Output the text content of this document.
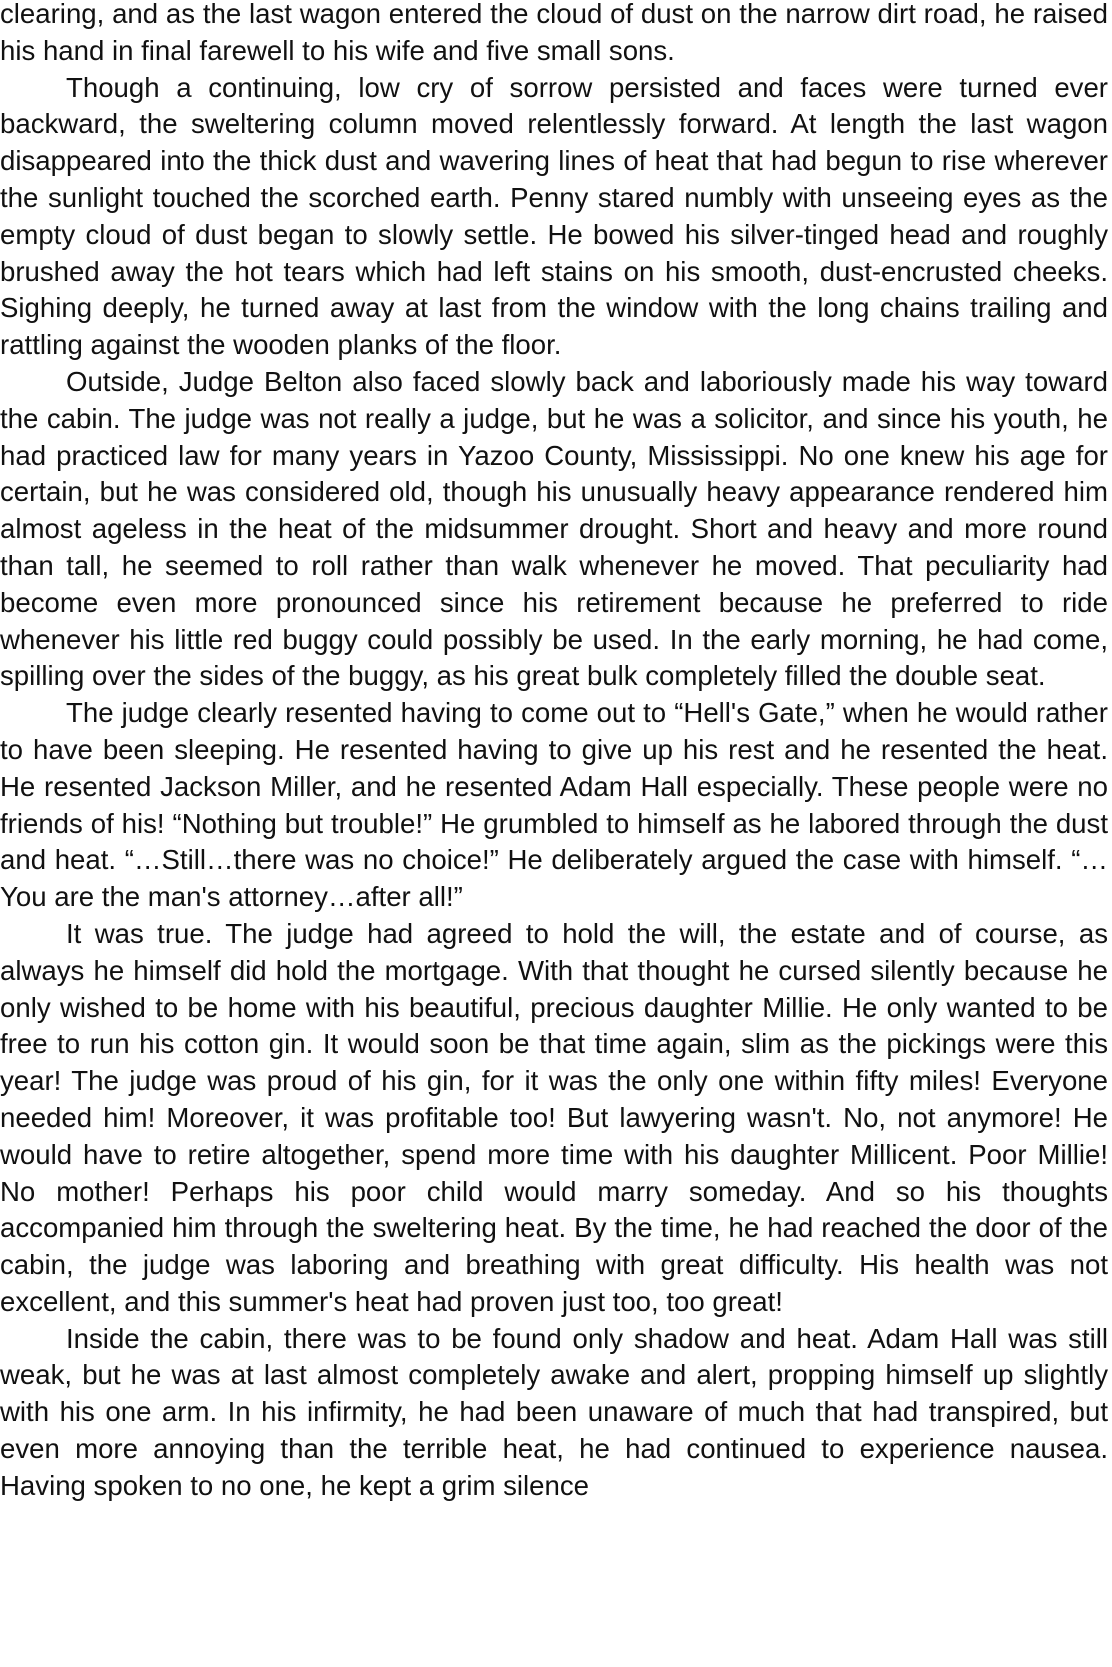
clearing, and as the last wagon entered the cloud of dust on the narrow dirt road, he raised his hand in final farewell to his wife and five small sons.

Though a continuing, low cry of sorrow persisted and faces were turned ever backward, the sweltering column moved relentlessly forward. At length the last wagon disappeared into the thick dust and wavering lines of heat that had begun to rise wherever the sunlight touched the scorched earth. Penny stared numbly with unseeing eyes as the empty cloud of dust began to slowly settle. He bowed his silver-tinged head and roughly brushed away the hot tears which had left stains on his smooth, dust-encrusted cheeks. Sighing deeply, he turned away at last from the window with the long chains trailing and rattling against the wooden planks of the floor.

Outside, Judge Belton also faced slowly back and laboriously made his way toward the cabin. The judge was not really a judge, but he was a solicitor, and since his youth, he had practiced law for many years in Yazoo County, Mississippi. No one knew his age for certain, but he was considered old, though his unusually heavy appearance rendered him almost ageless in the heat of the midsummer drought. Short and heavy and more round than tall, he seemed to roll rather than walk whenever he moved. That peculiarity had become even more pronounced since his retirement because he preferred to ride whenever his little red buggy could possibly be used. In the early morning, he had come, spilling over the sides of the buggy, as his great bulk completely filled the double seat.

The judge clearly resented having to come out to “Hell's Gate,” when he would rather to have been sleeping. He resented having to give up his rest and he resented the heat. He resented Jackson Miller, and he resented Adam Hall especially. These people were no friends of his! “Nothing but trouble!” He grumbled to himself as he labored through the dust and heat. “…Still…there was no choice!” He deliberately argued the case with himself. “…You are the man's attorney…after all!”

It was true. The judge had agreed to hold the will, the estate and of course, as always he himself did hold the mortgage. With that thought he cursed silently because he only wished to be home with his beautiful, precious daughter Millie. He only wanted to be free to run his cotton gin. It would soon be that time again, slim as the pickings were this year! The judge was proud of his gin, for it was the only one within fifty miles! Everyone needed him! Moreover, it was profitable too! But lawyering wasn't. No, not anymore! He would have to retire altogether, spend more time with his daughter Millicent. Poor Millie! No mother! Perhaps his poor child would marry someday. And so his thoughts accompanied him through the sweltering heat. By the time, he had reached the door of the cabin, the judge was laboring and breathing with great difficulty. His health was not excellent, and this summer's heat had proven just too, too great!

Inside the cabin, there was to be found only shadow and heat. Adam Hall was still weak, but he was at last almost completely awake and alert, propping himself up slightly with his one arm. In his infirmity, he had been unaware of much that had transpired, but even more annoying than the terrible heat, he had continued to experience nausea. Having spoken to no one, he kept a grim silence
